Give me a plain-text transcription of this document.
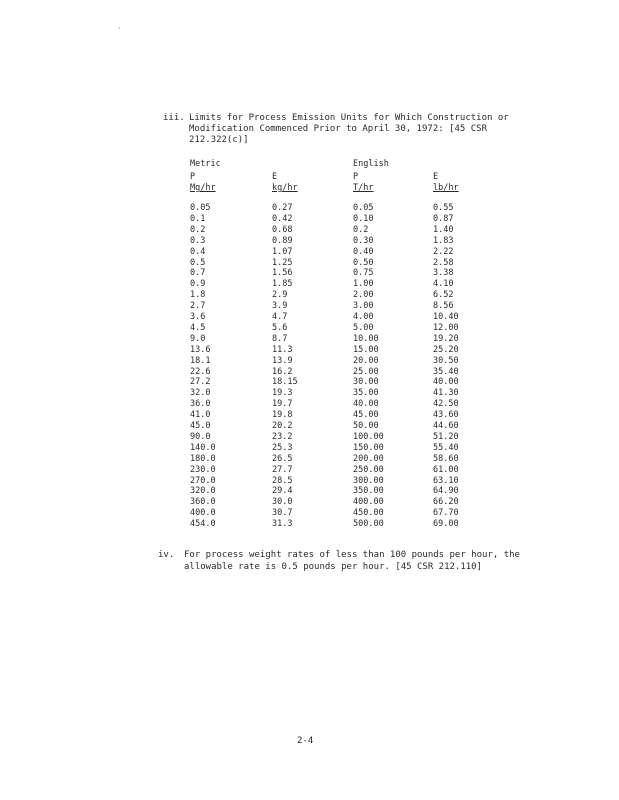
'
iii. Limits for Process Emission Units for Which Construction or Modification Commenced Prior to April 30, 1972: [45 CSR 212.322(c)]
Metric	English
P	E	P	E
Mg/hr	kg/hr	T/hr	lb/hr
0.05	0.27	0.05	0.55
0.1	0.42	0.10	0.87
0.2	0.68	0.2	1.40
0.3	0.89	0.30	1.83
0.4	1.07	0.40	2.22
0.5	1.25	0.50	2.58
0.7	1.56	0.75	3.38
0.9	1.85	1.00	4.10
1.8	2.9	2.00	6.52
2.7	3.9	3.00	8.56
3.6	4.7	4.00	10.40
4.5	5.6	5.00	12.00
9.0	8.7	10.00	19.20
13.6	11.3	15.00	25.20
18.1	13.9	20.00	30.50
22.6	16.2	25.00	35.40
27.2	18.15	30.00	40.00
32.0	19.3	35.00	41.30
36.0	19.7	40.00	42.50
41.0	19.8	45.00	43.60
45.0	20.2	50.00	44.60
90.0	23.2	100.00	51.20
140.0	25.3	150.00	55.40
180.0	26.5	200.00	58.60
230.0	27.7	250.00	61.00
270.0	28.5	300.00	63.10
320.0	29.4	350.00	64.90
360.0	30.0	400.00	66.20
400.0	30.7	450.00	67.70
454.0	31.3	500.00	69.00
iv. For process weight rates of less than 100 pounds per hour, the allowable rate is 0.5 pounds per hour. [45 CSR 212.110]
2-4
